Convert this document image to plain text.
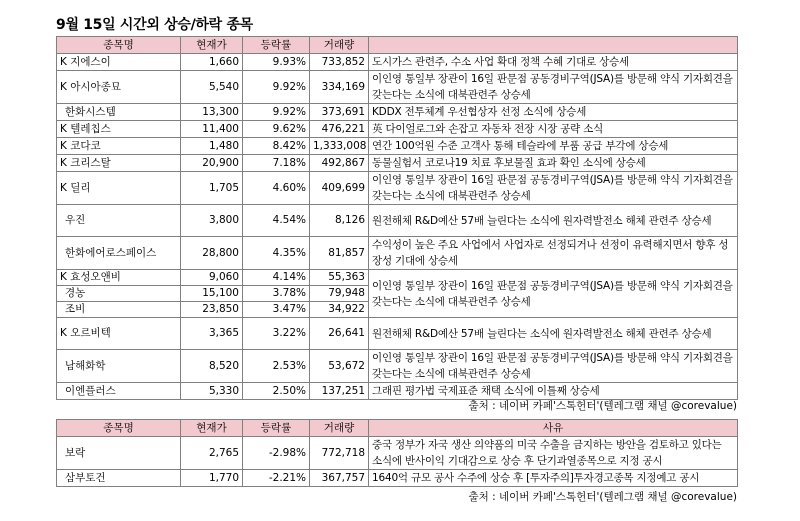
9월 15일 시간외 상승/하락 종목
종목명	현재가	등락률	거래량	
K 지에스이	1,660	9.93%	733,852	도시가스 관련주, 수소 사업 확대 정책 수혜 기대로 상승세
K 아시아종묘	5,540	9.92%	334,169	이인영 통일부 장관이 16일 판문점 공동경비구역(JSA)를 방문해 약식 기자회견을 갖는다는 소식에 대북관련주 상승세
한화시스템	13,300	9.92%	373,691	KDDX 전투체계 우선협상자 선정 소식에 상승세
K 텔레칩스	11,400	9.62%	476,221	英 다이얼로그와 손잡고 자동차 전장 시장 공략 소식
K 코다코	1,480	8.42%	1,333,008	연간 100억원 수준 고객사 통해 테슬라에 부품 공급 부각에 상승세
K 크리스탈	20,900	7.18%	492,867	동물실험서 코로나19 치료 후보물질 효과 확인 소식에 상승세
K 딜리	1,705	4.60%	409,699	이인영 통일부 장관이 16일 판문점 공동경비구역(JSA)를 방문해 약식 기자회견을 갖는다는 소식에 대북관련주 상승세
우진	3,800	4.54%	8,126	원전해체 R&D예산 57배 늘린다는 소식에 원자력발전소 해체 관련주 상승세
한화에어로스페이스	28,800	4.35%	81,857	수익성이 높은 주요 사업에서 사업자로 선정되거나 선정이 유력해지면서 향후 성장성 기대에 상승세
K 효성오앤비	9,060	4.14%	55,363	이인영 통일부 장관이 16일 판문점 공동경비구역(JSA)를 방문해 약식 기자회견을 갖는다는 소식에 대북관련주 상승세
경농	15,100	3.78%	79,948	
조비	23,850	3.47%	34,922	
K 오르비텍	3,365	3.22%	26,641	원전해체 R&D예산 57배 늘린다는 소식에 원자력발전소 해체 관련주 상승세
남해화학	8,520	2.53%	53,672	이인영 통일부 장관이 16일 판문점 공동경비구역(JSA)를 방문해 약식 기자회견을 갖는다는 소식에 대북관련주 상승세
이엔플러스	5,330	2.50%	137,251	그래핀 평가법 국제표준 채택 소식에 이틀째 상승세
출처 : 네이버 카페'스톡헌터'(텔레그램 채널 @corevalue)
종목명	현재가	등락률	거래량	사유
보락	2,765	-2.98%	772,718	중국 정부가 자국 생산 의약품의 미국 수출을 금지하는 방안을 검토하고 있다는 소식에 반사이익 기대감으로 상승 후 단기과열종목으로 지정 공시
삼부토건	1,770	-2.21%	367,757	1640억 규모 공사 수주에 상승 후 [투자주의]투자경고종목 지정예고 공시
출처 : 네이버 카페'스톡헌터'(텔레그램 채널 @corevalue)
